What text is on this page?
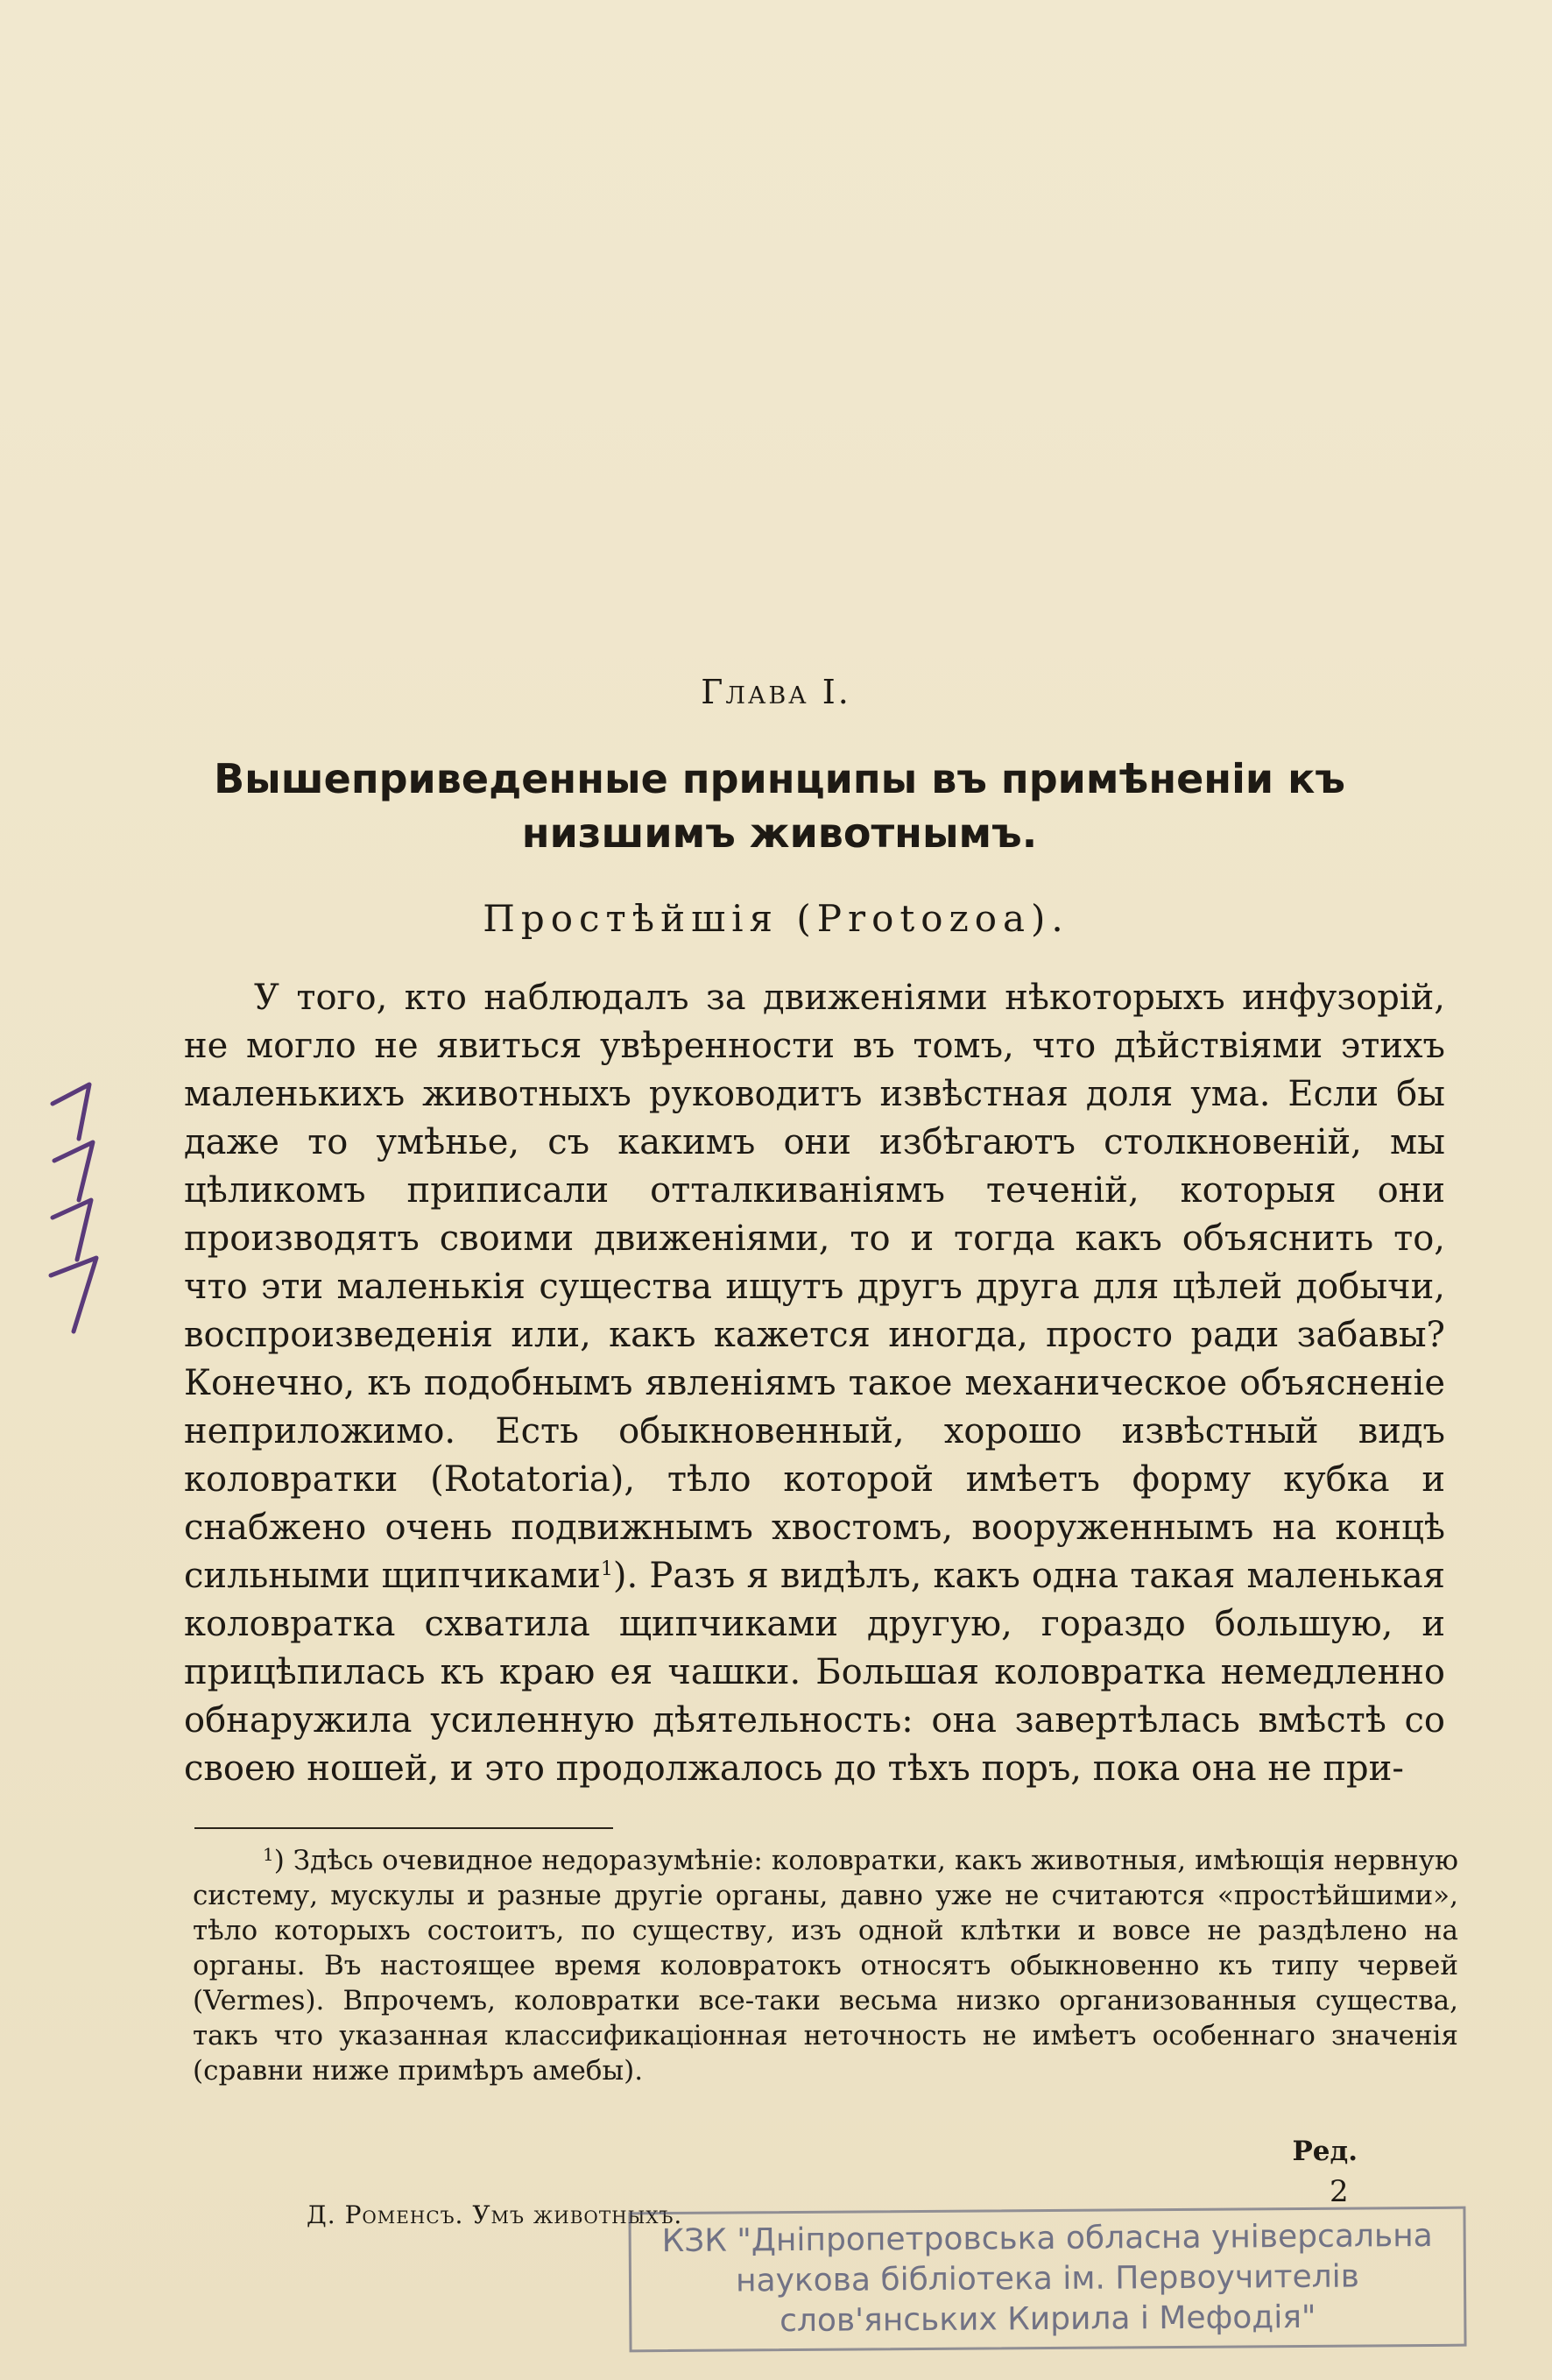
Глава I.
Вышеприведенные принципы въ примѣненіи къ низшимъ животнымъ.
Простѣйшія (Protozoa).

У того, кто наблюдалъ за движеніями нѣкоторыхъ инфузорій, не могло не явиться увѣренности въ томъ, что дѣйствіями этихъ маленькихъ животныхъ руководитъ извѣстная доля ума. Если бы даже то умѣнье, съ какимъ они избѣгаютъ столкновеній, мы цѣликомъ приписали отталкиваніямъ теченій, которыя они производятъ своими движеніями, то и тогда какъ объяснить то, что эти маленькія существа ищутъ другъ друга для цѣлей добычи, воспроизведенія или, какъ кажется иногда, просто ради забавы? Конечно, къ подобнымъ явленіямъ такое механическое объясненіе неприложимо. Есть обыкновенный, хорошо извѣстный видъ коловратки (Rotatoria), тѣло которой имѣетъ форму кубка и снабжено очень подвижнымъ хвостомъ, вооруженнымъ на концѣ сильными щипчиками$^1$). Разъ я видѣлъ, какъ одна такая маленькая коловратка схватила щипчиками другую, гораздо большую, и прицѣпилась къ краю ея чашки. Большая коловратка немедленно обнаружила усиленную дѣятельность: она завертѣлась вмѣстѣ со своею ношей, и это продолжалось до тѣхъ поръ, пока она не при-

$^1$) Здѣсь очевидное недоразумѣніе: коловратки, какъ животныя, имѣющія нервную систему, мускулы и разные другіе органы, давно уже не считаются «простѣйшими», тѣло которыхъ состоитъ, по существу, изъ одной клѣтки и вовсе не раздѣлено на органы. Въ настоящее время коловратокъ относятъ обыкновенно къ типу червей (Vermes). Впрочемъ, коловратки все-таки весьма низко организованныя существа, такъ что указанная классификаціонная неточность не имѣетъ особеннаго значенія (сравни ниже примѣръ амебы).

Ред.
2
Д. Роменсъ. Умъ животныхъ.
КЗК "Дніпропетровська обласна універсальна
наукова бібліотека ім. Первоучителів
слов'янських Кирила і Мефодія"
